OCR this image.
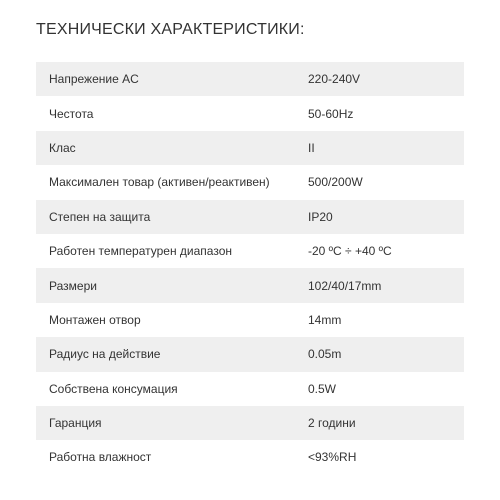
ТЕХНИЧЕСКИ ХАРАКТЕРИСТИКИ:
Напрежение AC	220-240V
Честота	50-60Hz
Клас	II
Максимален товар (активен/реактивен)	500/200W
Степен на защита	IP20
Работен температурен диапазон	-20 ºC ÷ +40 ºC
Размери	102/40/17mm
Монтажен отвор	14mm
Радиус на действие	0.05m
Собствена консумация	0.5W
Гаранция	2 години
Работна влажност	<93%RH
